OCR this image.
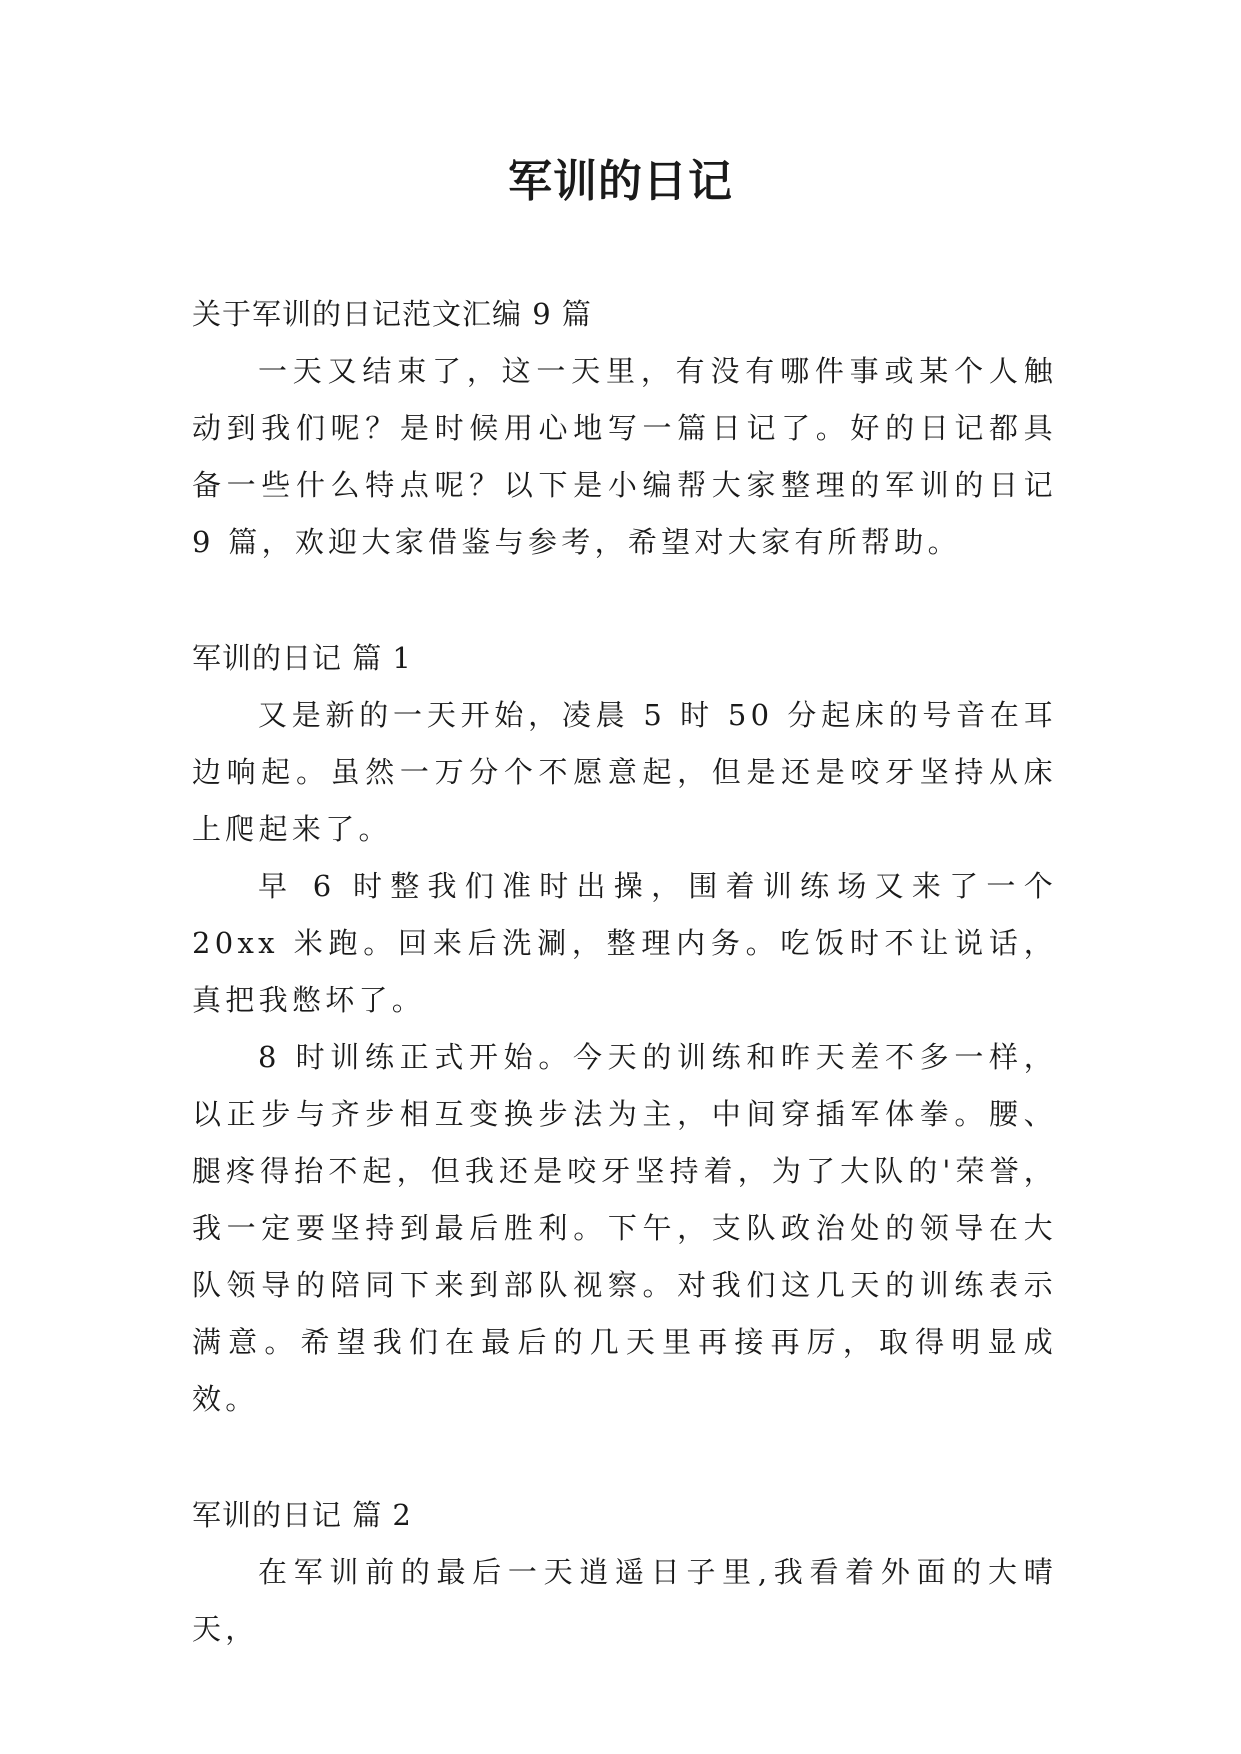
军训的日记

关于军训的日记范文汇编 9 篇

一天又结束了，这一天里，有没有哪件事或某个人触动到我们呢？是时候用心地写一篇日记了。好的日记都具备一些什么特点呢？以下是小编帮大家整理的军训的日记 9 篇，欢迎大家借鉴与参考，希望对大家有所帮助。

军训的日记 篇 1

又是新的一天开始，凌晨 5 时 50 分起床的号音在耳边响起。虽然一万分个不愿意起，但是还是咬牙坚持从床上爬起来了。

早 6 时整我们准时出操，围着训练场又来了一个 20xx 米跑。回来后洗涮，整理内务。吃饭时不让说话，真把我憋坏了。

8 时训练正式开始。今天的训练和昨天差不多一样，以正步与齐步相互变换步法为主，中间穿插军体拳。腰、腿疼得抬不起，但我还是咬牙坚持着，为了大队的'荣誉，我一定要坚持到最后胜利。下午，支队政治处的领导在大队领导的陪同下来到部队视察。对我们这几天的训练表示满意。希望我们在最后的几天里再接再厉，取得明显成效。

军训的日记 篇 2

在军训前的最后一天逍遥日子里,我看着外面的大晴天，
